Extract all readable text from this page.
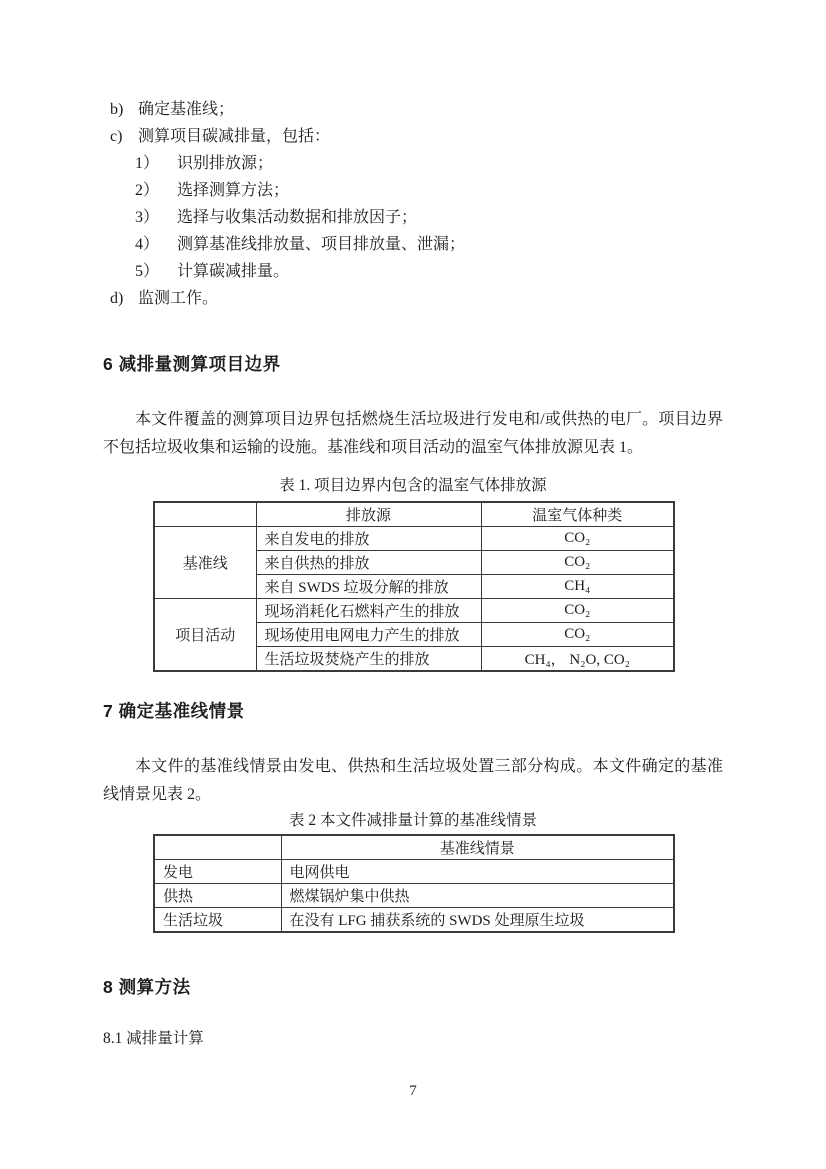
b) 确定基准线；
c) 测算项目碳减排量，包括：
1）	识别排放源；
2）	选择测算方法；
3）	选择与收集活动数据和排放因子；
4）	测算基准线排放量、项目排放量、泄漏；
5）	计算碳减排量。
d) 监测工作。
6 减排量测算项目边界

本文件覆盖的测算项目边界包括燃烧生活垃圾进行发电和/或供热的电厂。项目边界不包括垃圾收集和运输的设施。基准线和项目活动的温室气体排放源见表 1。

表 1. 项目边界内包含的温室气体排放源
	排放源	温室气体种类
基准线	来自发电的排放	CO₂
	来自供热的排放	CO₂
	来自 SWDS 垃圾分解的排放	CH₄
项目活动	现场消耗化石燃料产生的排放	CO₂
	现场使用电网电力产生的排放	CO₂
	生活垃圾焚烧产生的排放	CH₄， N₂O, CO₂
7 确定基准线情景

本文件的基准线情景由发电、供热和生活垃圾处置三部分构成。本文件确定的基准线情景见表 2。

表 2 本文件减排量计算的基准线情景
	基准线情景
发电	电网供电
供热	燃煤锅炉集中供热
生活垃圾	在没有 LFG 捕获系统的 SWDS 处理原生垃圾
8 测算方法
8.1 减排量计算
7
